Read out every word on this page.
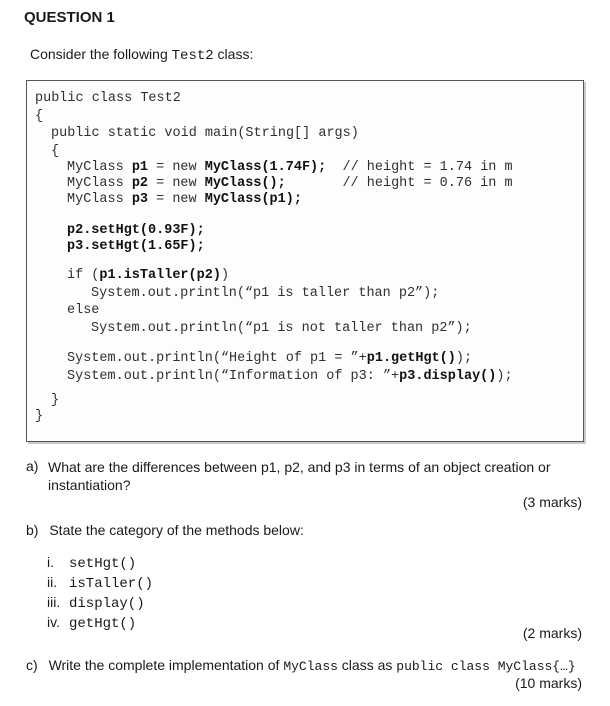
QUESTION 1
Consider the following Test2 class:
public class Test2
{
public static void main(String[] args)
{
MyClass p1 = new MyClass(1.74F);  // height = 1.74 in m
MyClass p2 = new MyClass();       // height = 0.76 in m
MyClass p3 = new MyClass(p1);
p2.setHgt(0.93F);
p3.setHgt(1.65F);
if (p1.isTaller(p2))
System.out.println(“p1 is taller than p2”);
else
System.out.println(“p1 is not taller than p2”);
System.out.println(“Height of p1 = ”+p1.getHgt());
System.out.println(“Information of p3: ”+p3.display());
}
}
a) What are the differences between p1, p2, and p3 in terms of an object creation or instantiation?
(3 marks)
b) State the category of the methods below:
i. setHgt()
ii. isTaller()
iii. display()
iv. getHgt()
(2 marks)
c) Write the complete implementation of MyClass class as public class MyClass{…}
(10 marks)
